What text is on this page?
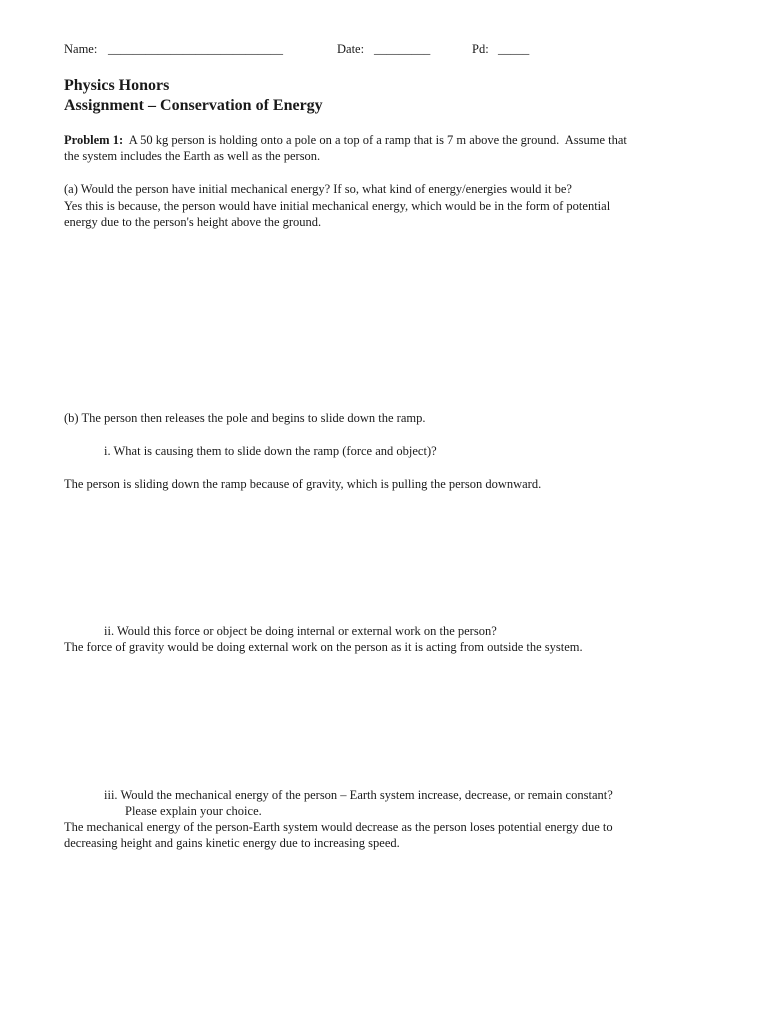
Name: ____________________________	Date: _________	Pd: _____
Physics Honors
Assignment – Conservation of Energy
Problem 1:  A 50 kg person is holding onto a pole on a top of a ramp that is 7 m above the ground.  Assume that
the system includes the Earth as well as the person.
(a) Would the person have initial mechanical energy? If so, what kind of energy/energies would it be?
Yes this is because, the person would have initial mechanical energy, which would be in the form of potential
energy due to the person's height above the ground.
(b) The person then releases the pole and begins to slide down the ramp.
i. What is causing them to slide down the ramp (force and object)?
The person is sliding down the ramp because of gravity, which is pulling the person downward.
ii. Would this force or object be doing internal or external work on the person?
The force of gravity would be doing external work on the person as it is acting from outside the system.
iii. Would the mechanical energy of the person – Earth system increase, decrease, or remain constant?
Please explain your choice.
The mechanical energy of the person-Earth system would decrease as the person loses potential energy due to
decreasing height and gains kinetic energy due to increasing speed.
